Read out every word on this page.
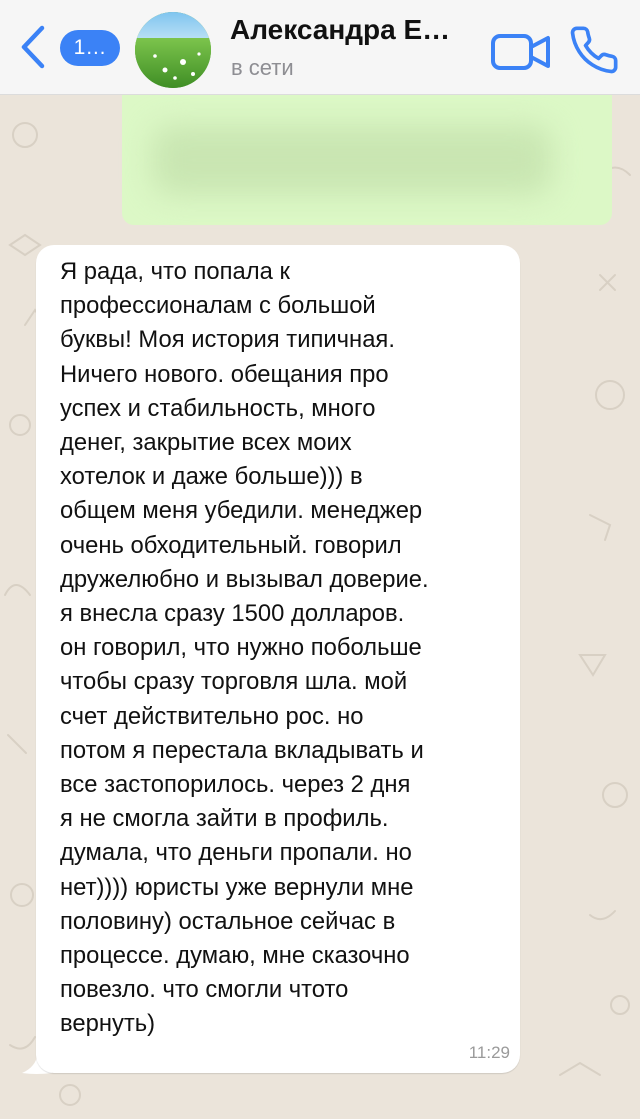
1…
Александра Е…
в сети

Я рада, что попала к
профессионалам с большой
буквы! Моя история типичная.
Ничего нового. обещания про
успех и стабильность, много
денег, закрытие всех моих
хотелок и даже больше))) в
общем меня убедили. менеджер
очень обходительный. говорил
дружелюбно и вызывал доверие.
я внесла сразу 1500 долларов.
он говорил, что нужно побольше
чтобы сразу торговля шла. мой
счет действительно рос. но
потом я перестала вкладывать и
все застопорилось. через 2 дня
я не смогла зайти в профиль.
думала, что деньги пропали. но
нет)))) юристы уже вернули мне
половину) остальное сейчас в
процессе. думаю, мне сказочно
повезло. что смогли чтото
вернуть)

11:29
